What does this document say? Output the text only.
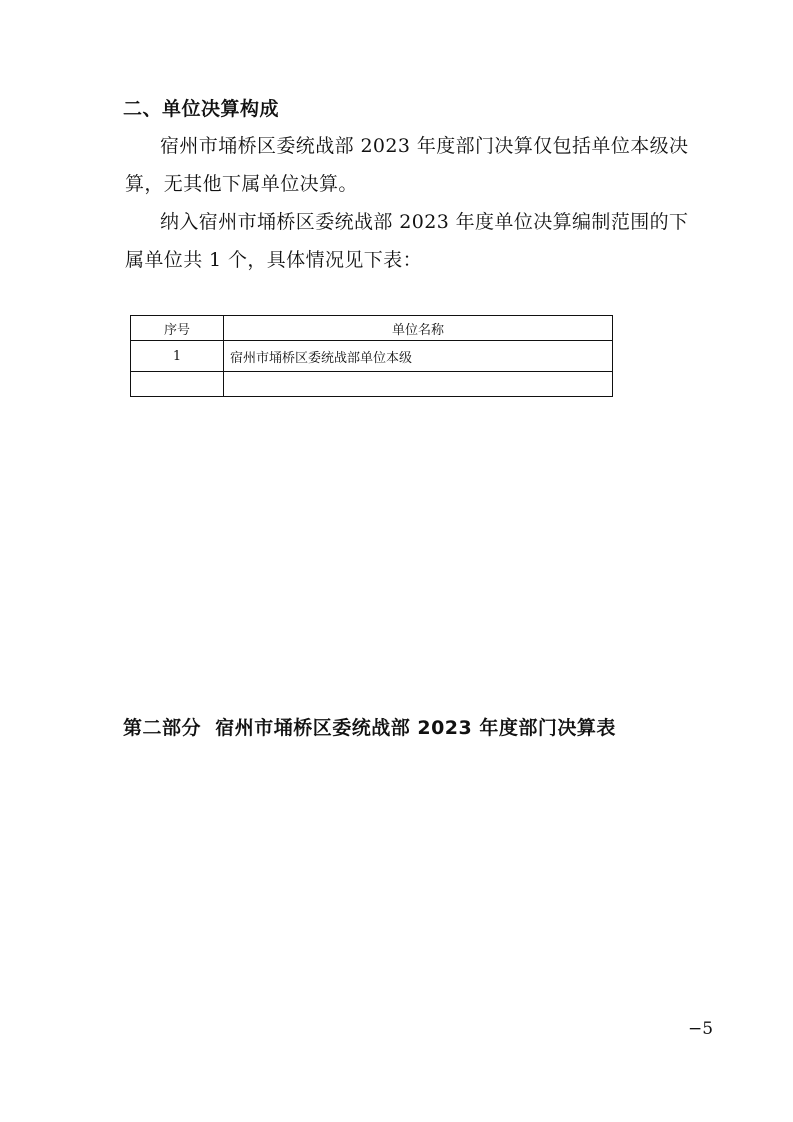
二、单位决算构成
宿州市埇桥区委统战部 2023 年度部门决算仅包括单位本级决
算，无其他下属单位决算。
纳入宿州市埇桥区委统战部 2023 年度单位决算编制范围的下
属单位共 1 个，具体情况见下表：
序号	单位名称
1	宿州市埇桥区委统战部单位本级

第二部分  宿州市埇桥区委统战部 2023 年度部门决算表
−5
